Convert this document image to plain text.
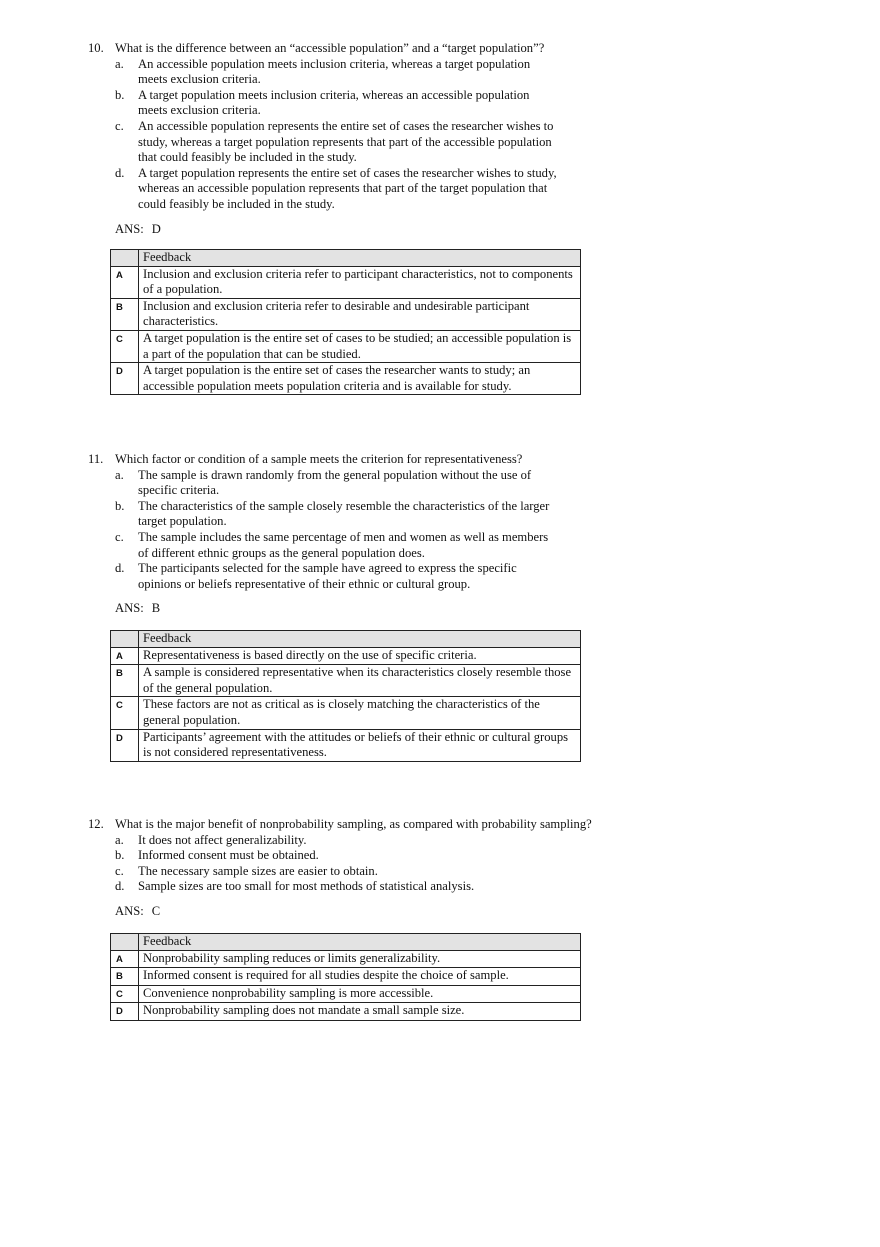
10. What is the difference between an “accessible population” and a “target population”?
a.	An accessible population meets inclusion criteria, whereas a target population meets exclusion criteria.
b.	A target population meets inclusion criteria, whereas an accessible population meets exclusion criteria.
c.	An accessible population represents the entire set of cases the researcher wishes to study, whereas a target population represents that part of the accessible population that could feasibly be included in the study.
d.	A target population represents the entire set of cases the researcher wishes to study, whereas an accessible population represents that part of the target population that could feasibly be included in the study.
ANS: D
	Feedback
A	Inclusion and exclusion criteria refer to participant characteristics, not to components of a population.
B	Inclusion and exclusion criteria refer to desirable and undesirable participant characteristics.
C	A target population is the entire set of cases to be studied; an accessible population is a part of the population that can be studied.
D	A target population is the entire set of cases the researcher wants to study; an accessible population meets population criteria and is available for study.
11. Which factor or condition of a sample meets the criterion for representativeness?
a.	The sample is drawn randomly from the general population without the use of specific criteria.
b.	The characteristics of the sample closely resemble the characteristics of the larger target population.
c.	The sample includes the same percentage of men and women as well as members of different ethnic groups as the general population does.
d.	The participants selected for the sample have agreed to express the specific opinions or beliefs representative of their ethnic or cultural group.
ANS: B
	Feedback
A	Representativeness is based directly on the use of specific criteria.
B	A sample is considered representative when its characteristics closely resemble those of the general population.
C	These factors are not as critical as is closely matching the characteristics of the general population.
D	Participants’ agreement with the attitudes or beliefs of their ethnic or cultural groups is not considered representativeness.
12. What is the major benefit of nonprobability sampling, as compared with probability sampling?
a.	It does not affect generalizability.
b.	Informed consent must be obtained.
c.	The necessary sample sizes are easier to obtain.
d.	Sample sizes are too small for most methods of statistical analysis.
ANS: C
	Feedback
A	Nonprobability sampling reduces or limits generalizability.
B	Informed consent is required for all studies despite the choice of sample.
C	Convenience nonprobability sampling is more accessible.
D	Nonprobability sampling does not mandate a small sample size.
